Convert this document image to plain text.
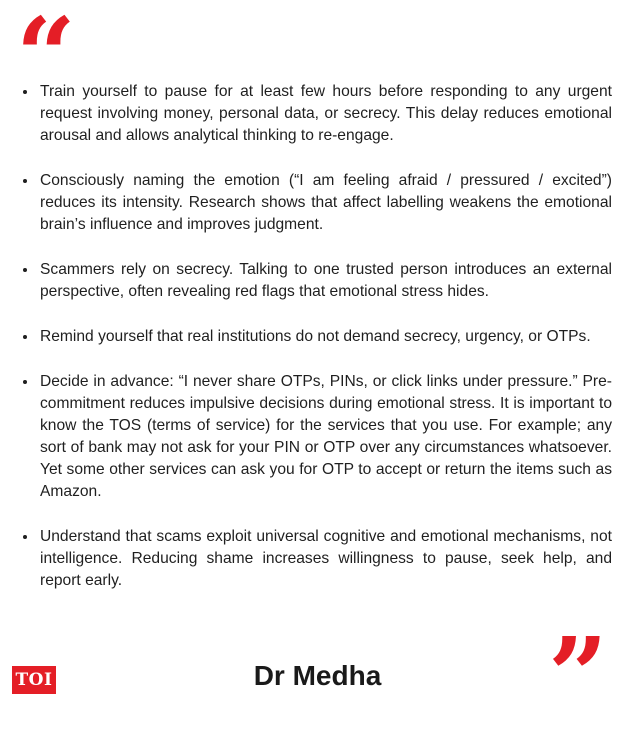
“
• Train yourself to pause for at least few hours before responding to any urgent request involving money, personal data, or secrecy. This delay reduces emotional arousal and allows analytical thinking to re-engage.
• Consciously naming the emotion (“I am feeling afraid / pressured / excited”) reduces its intensity. Research shows that affect labelling weakens the emotional brain’s influence and improves judgment.
• Scammers rely on secrecy. Talking to one trusted person introduces an external perspective, often revealing red flags that emotional stress hides.
• Remind yourself that real institutions do not demand secrecy, urgency, or OTPs.
• Decide in advance: “I never share OTPs, PINs, or click links under pressure.” Pre-commitment reduces impulsive decisions during emotional stress. It is important to know the TOS (terms of service) for the services that you use. For example; any sort of bank may not ask for your PIN or OTP over any circumstances whatsoever. Yet some other services can ask you for OTP to accept or return the items such as Amazon.
• Understand that scams exploit universal cognitive and emotional mechanisms, not intelligence. Reducing shame increases willingness to pause, seek help, and report early.
TOI	Dr Medha	”
